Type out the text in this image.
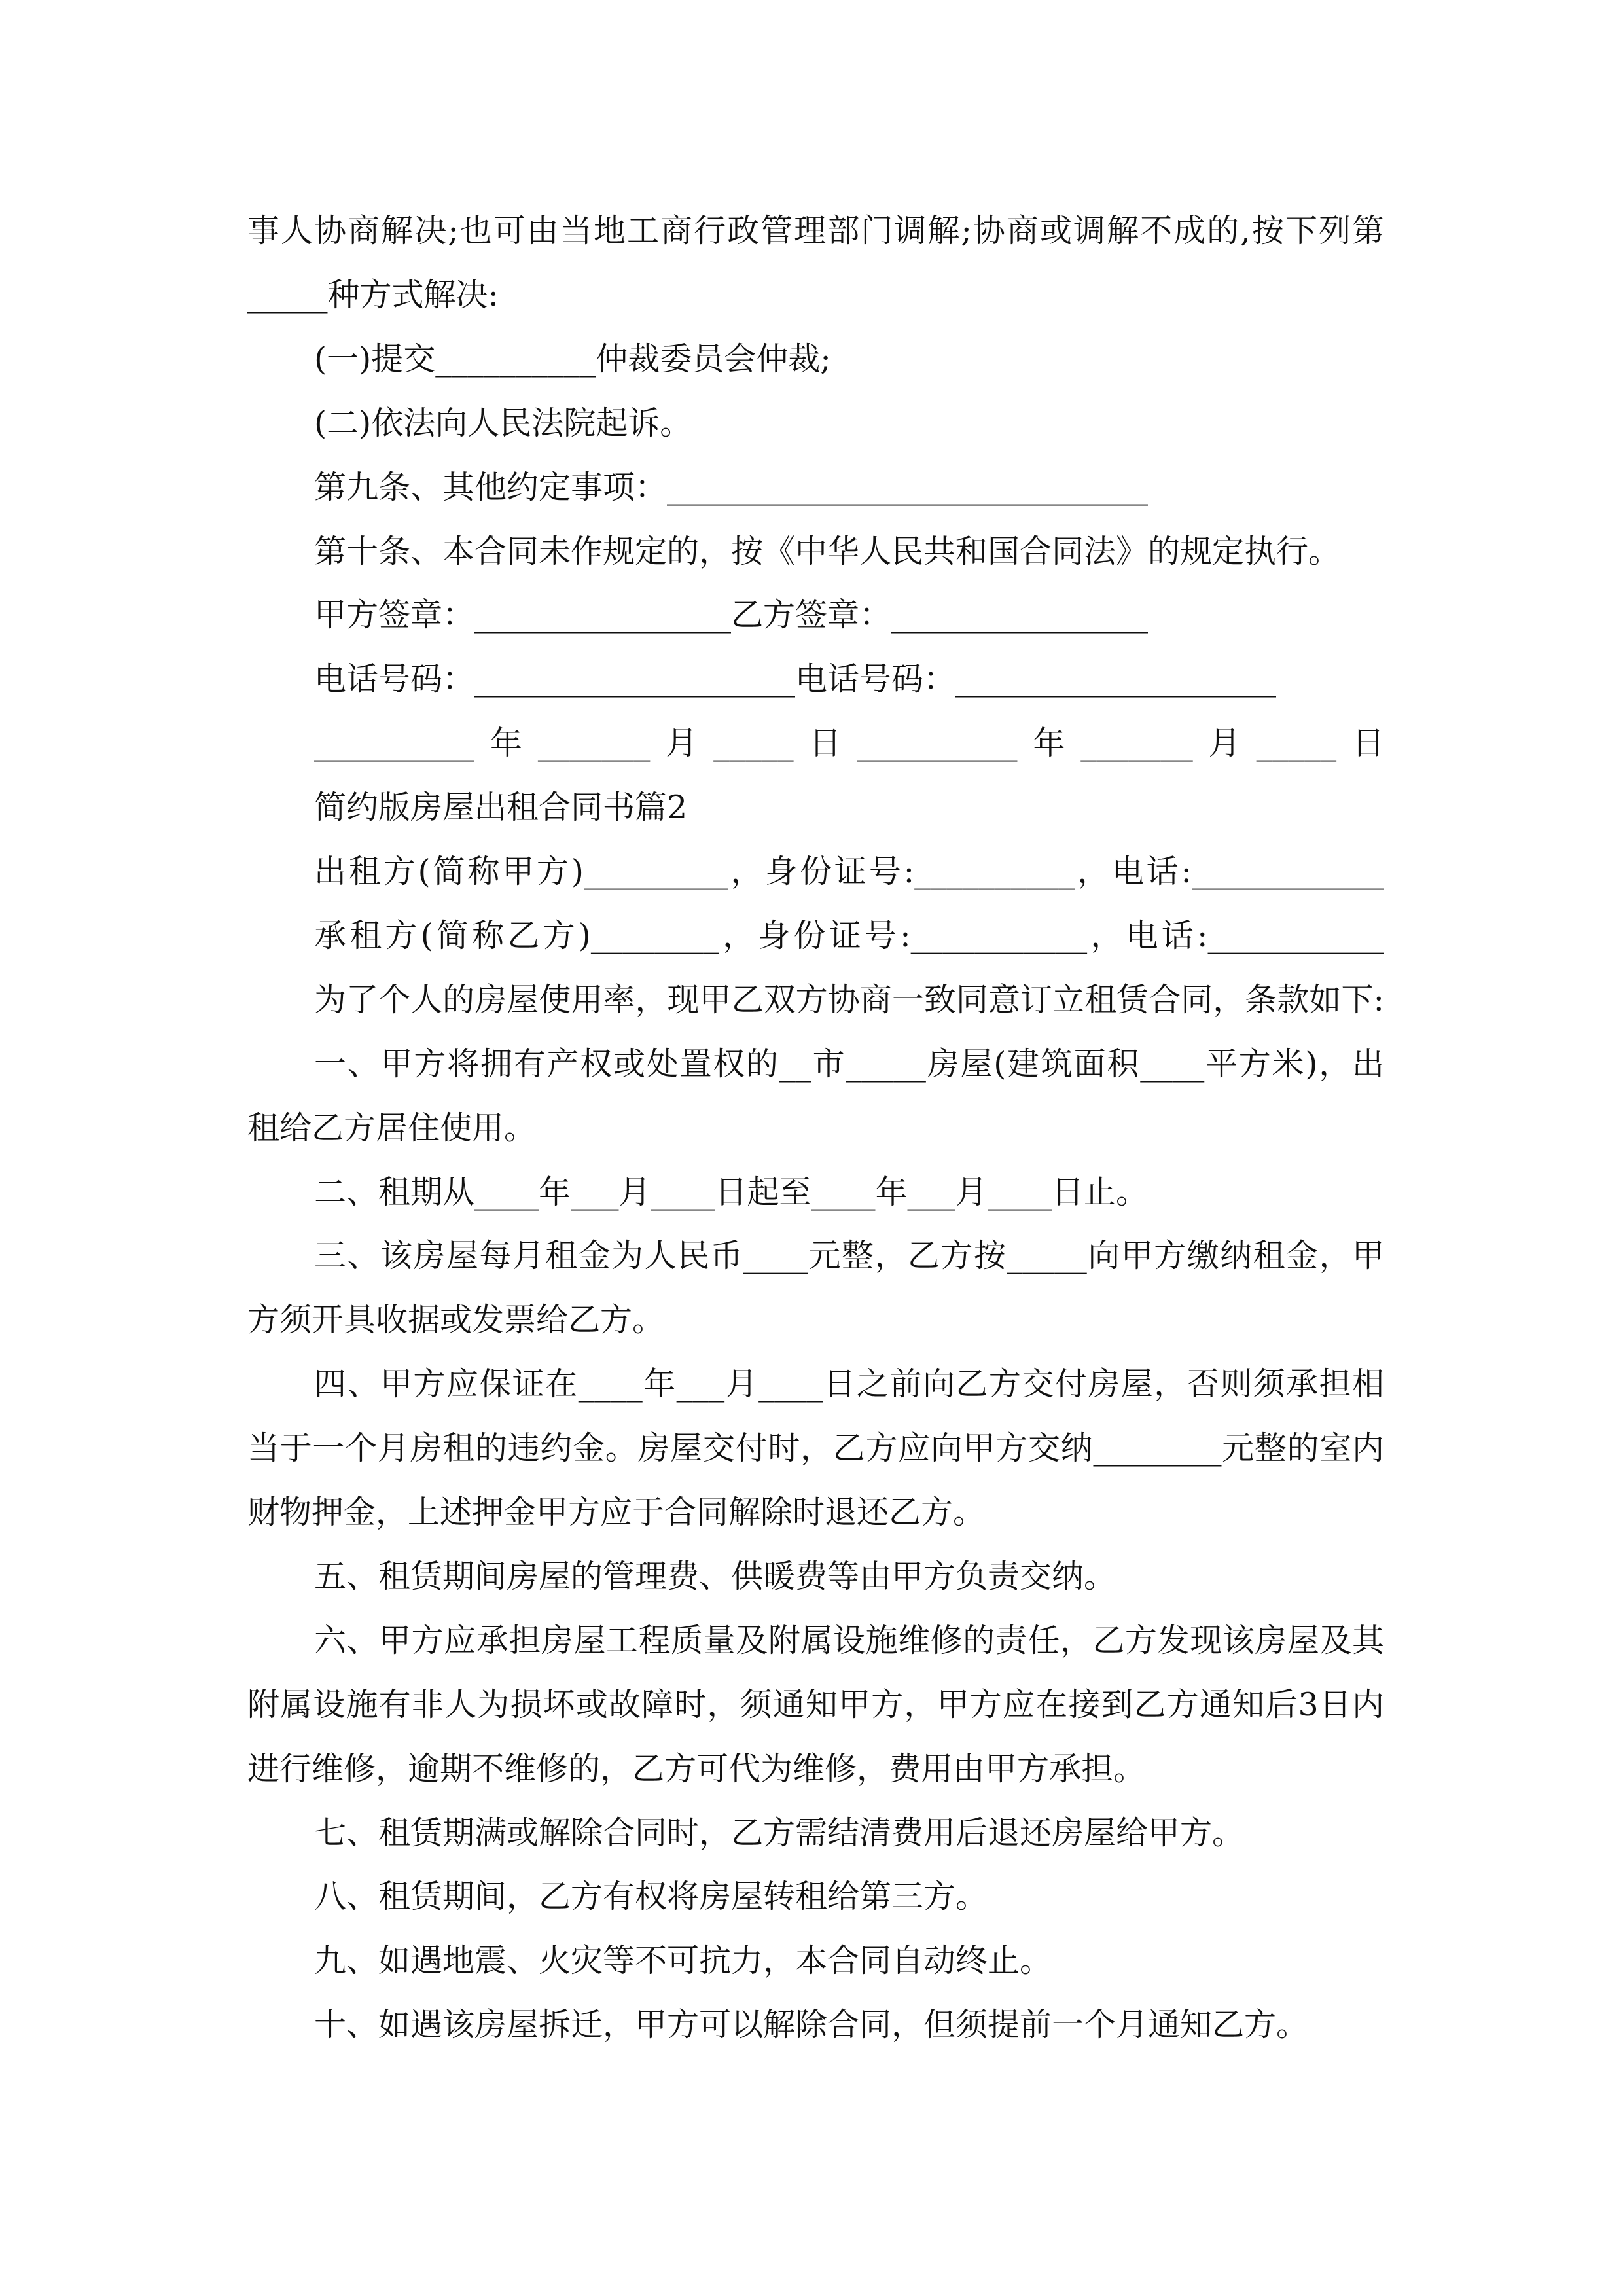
事人协商解决;也可由当地工商行政管理部门调解;协商或调解不成的,按下列第
_____种方式解决:
(一)提交__________仲裁委员会仲裁;
(二)依法向人民法院起诉。
第九条、其他约定事项：______________________________
第十条、本合同未作规定的，按《中华人民共和国合同法》的规定执行。
甲方签章：________________乙方签章：________________
电话号码：____________________电话号码：____________________
__________年_______月_____日__________年_______月_____日
简约版房屋出租合同书篇2
出租方(简称甲方)_________，身份证号:__________，电话:____________
承租方(简称乙方)________，身份证号:___________，电话:___________
为了个人的房屋使用率，现甲乙双方协商一致同意订立租赁合同，条款如下:
一、甲方将拥有产权或处置权的__市_____房屋(建筑面积____平方米)，出
租给乙方居住使用。
二、租期从____年___月____日起至____年___月____日止。
三、该房屋每月租金为人民币____元整，乙方按_____向甲方缴纳租金，甲
方须开具收据或发票给乙方。
四、甲方应保证在____年___月____日之前向乙方交付房屋，否则须承担相
当于一个月房租的违约金。房屋交付时，乙方应向甲方交纳________元整的室内
财物押金，上述押金甲方应于合同解除时退还乙方。
五、租赁期间房屋的管理费、供暖费等由甲方负责交纳。
六、甲方应承担房屋工程质量及附属设施维修的责任，乙方发现该房屋及其
附属设施有非人为损坏或故障时，须通知甲方，甲方应在接到乙方通知后3日内
进行维修，逾期不维修的，乙方可代为维修，费用由甲方承担。
七、租赁期满或解除合同时，乙方需结清费用后退还房屋给甲方。
八、租赁期间，乙方有权将房屋转租给第三方。
九、如遇地震、火灾等不可抗力，本合同自动终止。
十、如遇该房屋拆迁，甲方可以解除合同，但须提前一个月通知乙方。
